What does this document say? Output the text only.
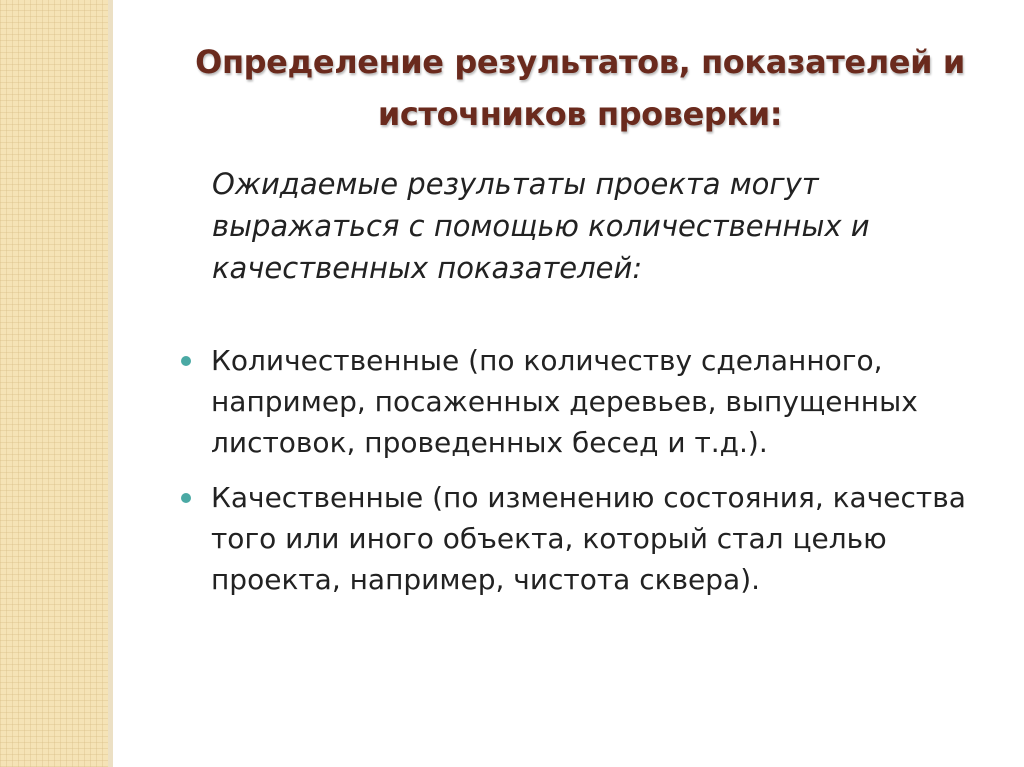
Определение результатов, показателей и источников проверки:

Ожидаемые результаты проекта могут выражаться с помощью количественных и качественных показателей:

Количественные (по количеству сделанного, например, посаженных деревьев, выпущенных листовок, проведенных бесед и т.д.).
Качественные (по изменению состояния, качества того или иного объекта, который стал целью проекта, например, чистота сквера).
